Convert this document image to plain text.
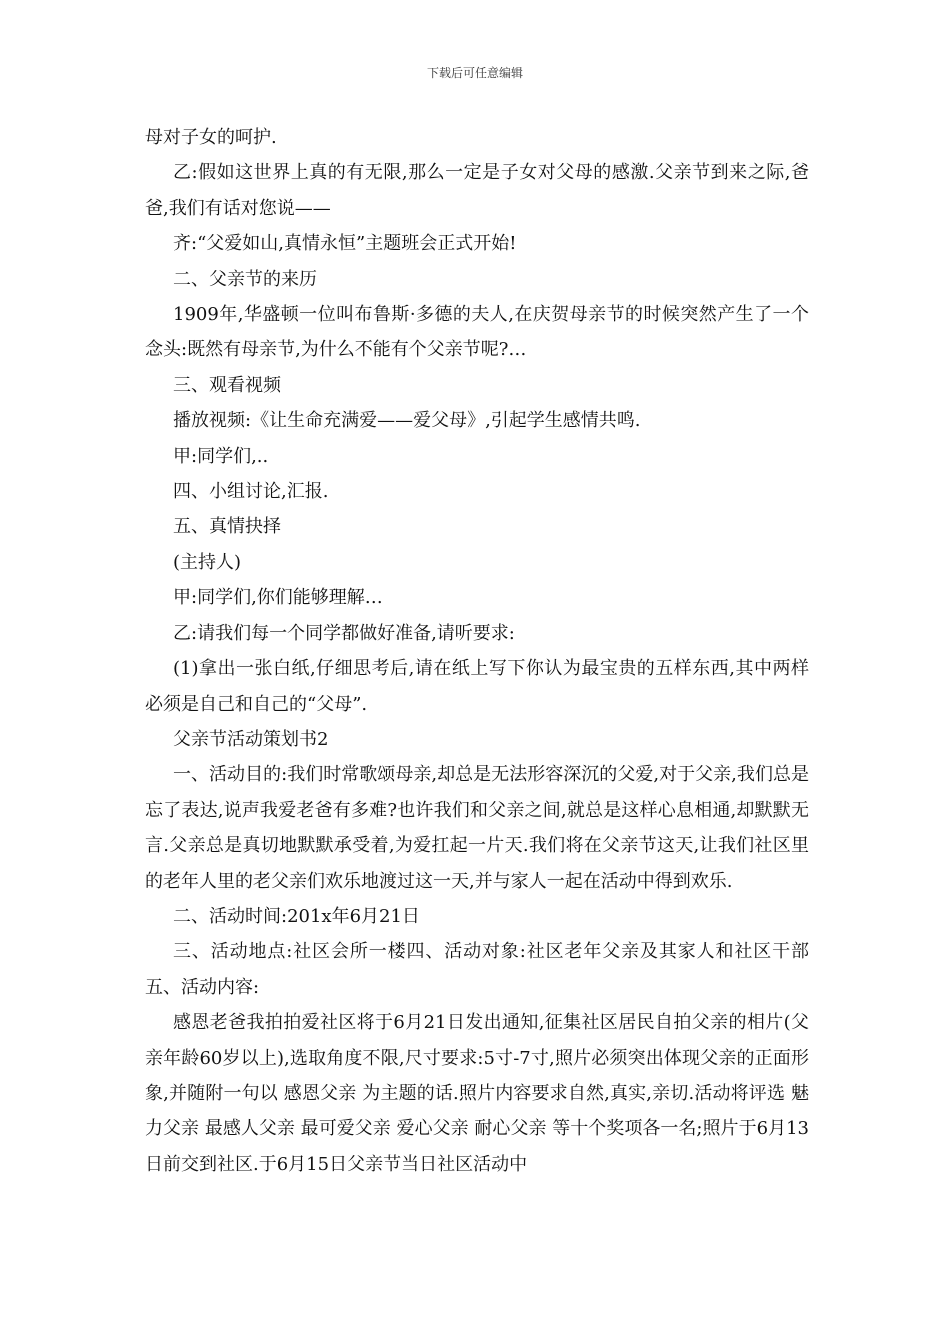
下载后可任意编辑

母对子女的呵护.

乙:假如这世界上真的有无限,那么一定是子女对父母的感激.父亲节到来之际,爸爸,我们有话对您说——

齐:“父爱如山,真情永恒”主题班会正式开始!

二、父亲节的来历

1909年,华盛顿一位叫布鲁斯·多德的夫人,在庆贺母亲节的时候突然产生了一个念头:既然有母亲节,为什么不能有个父亲节呢?…

三、观看视频

播放视频:《让生命充满爱——爱父母》,引起学生感情共鸣.

甲:同学们,..

四、小组讨论,汇报.

五、真情抉择

(主持人)

甲:同学们,你们能够理解…

乙:请我们每一个同学都做好准备,请听要求:

(1)拿出一张白纸,仔细思考后,请在纸上写下你认为最宝贵的五样东西,其中两样必须是自己和自己的“父母”.

父亲节活动策划书2

一、活动目的:我们时常歌颂母亲,却总是无法形容深沉的父爱,对于父亲,我们总是忘了表达,说声我爱老爸有多难?也许我们和父亲之间,就总是这样心息相通,却默默无言.父亲总是真切地默默承受着,为爱扛起一片天.我们将在父亲节这天,让我们社区里的老年人里的老父亲们欢乐地渡过这一天,并与家人一起在活动中得到欢乐.

二、活动时间:201x年6月21日

三、活动地点:社区会所一楼四、活动对象:社区老年父亲及其家人和社区干部五、活动内容:

感恩老爸我拍拍爱社区将于6月21日发出通知,征集社区居民自拍父亲的相片(父亲年龄60岁以上),选取角度不限,尺寸要求:5寸-7寸,照片必须突出体现父亲的正面形象,并随附一句以 感恩父亲 为主题的话.照片内容要求自然,真实,亲切.活动将评选 魅力父亲 最感人父亲 最可爱父亲 爱心父亲 耐心父亲 等十个奖项各一名;照片于6月13日前交到社区.于6月15日父亲节当日社区活动中
